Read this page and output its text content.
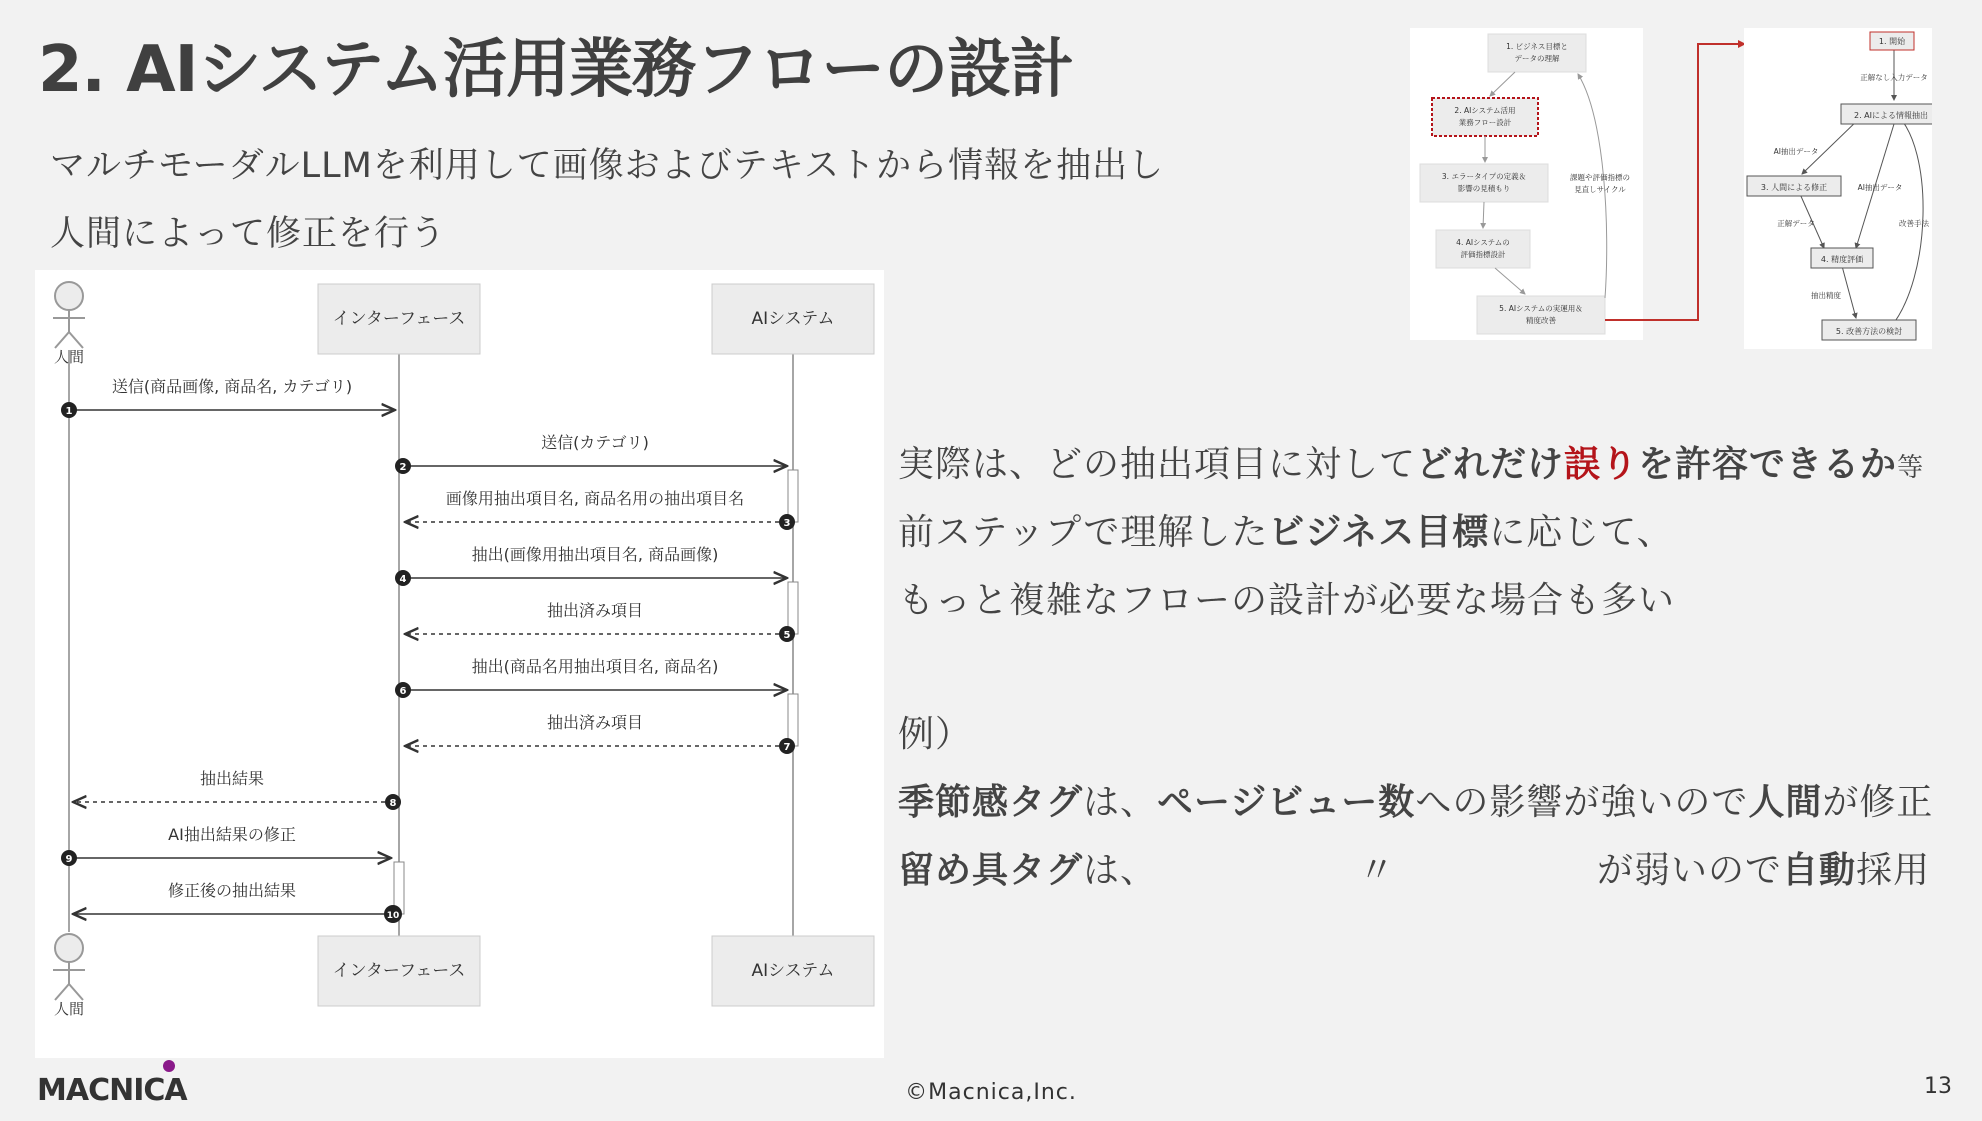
2. AIシステム活用業務フローの設計
マルチモーダルLLMを利用して画像およびテキストから情報を抽出し
人間によって修正を行う
人間
人間
インターフェース	AIシステム
インターフェース	AIシステム
送信(商品画像, 商品名, カテゴリ)
1
送信(カテゴリ)
2
画像用抽出項目名, 商品名用の抽出項目名
3
抽出(画像用抽出項目名, 商品画像)
4
抽出済み項目
5
抽出(商品名用抽出項目名, 商品名)
6
抽出済み項目
7
抽出結果
8
AI抽出結果の修正
9
修正後の抽出結果
10
1. ビジネス目標と
データの理解
2. AIシステム活用
業務フロー設計
3. エラータイプの定義＆
影響の見積もり
4. AIシステムの
評価指標設計
5. AIシステムの実運用＆
精度改善
課題や評価指標の
見直しサイクル
1. 開始
2. AIによる情報抽出
3. 人間による修正
4. 精度評価
5. 改善方法の検討
正解なし入力データ
AI抽出データ
AI抽出データ
正解データ
抽出精度
改善手法
実際は、どの抽出項目に対してどれだけ誤りを許容できるか等
前ステップで理解したビジネス目標に応じて、
もっと複雑なフローの設計が必要な場合も多い
例）
季節感タグは、ページビュー数への影響が強いので人間が修正
留め具タグは、	〃	が弱いので自動採用
MACNICA	©Macnica,Inc.	13
